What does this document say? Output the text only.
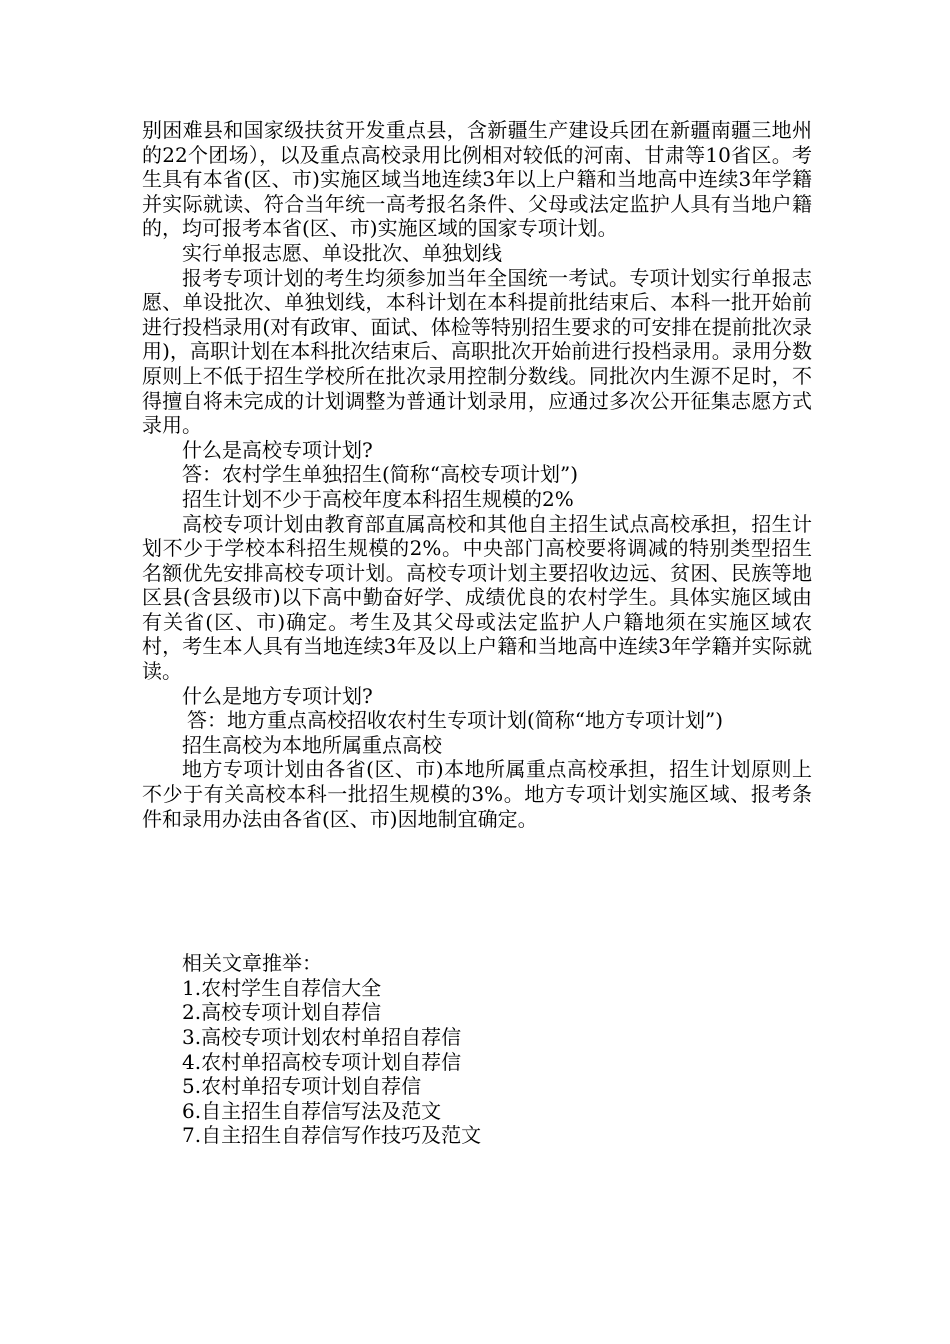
别困难县和国家级扶贫开发重点县，含新疆生产建设兵团在新疆南疆三地州的22个团场），以及重点高校录用比例相对较低的河南、甘肃等10省区。考生具有本省(区、市)实施区域当地连续3年以上户籍和当地高中连续3年学籍并实际就读、符合当年统一高考报名条件、父母或法定监护人具有当地户籍的，均可报考本省(区、市)实施区域的国家专项计划。

实行单报志愿、单设批次、单独划线

报考专项计划的考生均须参加当年全国统一考试。专项计划实行单报志愿、单设批次、单独划线，本科计划在本科提前批结束后、本科一批开始前进行投档录用(对有政审、面试、体检等特别招生要求的可安排在提前批次录用)，高职计划在本科批次结束后、高职批次开始前进行投档录用。录用分数原则上不低于招生学校所在批次录用控制分数线。同批次内生源不足时，不得擅自将未完成的计划调整为普通计划录用，应通过多次公开征集志愿方式录用。

什么是高校专项计划?

答：农村学生单独招生(简称“高校专项计划”)

招生计划不少于高校年度本科招生规模的2%

高校专项计划由教育部直属高校和其他自主招生试点高校承担，招生计划不少于学校本科招生规模的2%。中央部门高校要将调减的特别类型招生名额优先安排高校专项计划。高校专项计划主要招收边远、贫困、民族等地区县(含县级市)以下高中勤奋好学、成绩优良的农村学生。具体实施区域由有关省(区、市)确定。考生及其父母或法定监护人户籍地须在实施区域农村，考生本人具有当地连续3年及以上户籍和当地高中连续3年学籍并实际就读。

什么是地方专项计划?

答：地方重点高校招收农村生专项计划(简称“地方专项计划”)

招生高校为本地所属重点高校

地方专项计划由各省(区、市)本地所属重点高校承担，招生计划原则上不少于有关高校本科一批招生规模的3%。地方专项计划实施区域、报考条件和录用办法由各省(区、市)因地制宜确定。

相关文章推举：

1.农村学生自荐信大全
2.高校专项计划自荐信
3.高校专项计划农村单招自荐信
4.农村单招高校专项计划自荐信
5.农村单招专项计划自荐信
6.自主招生自荐信写法及范文
7.自主招生自荐信写作技巧及范文
